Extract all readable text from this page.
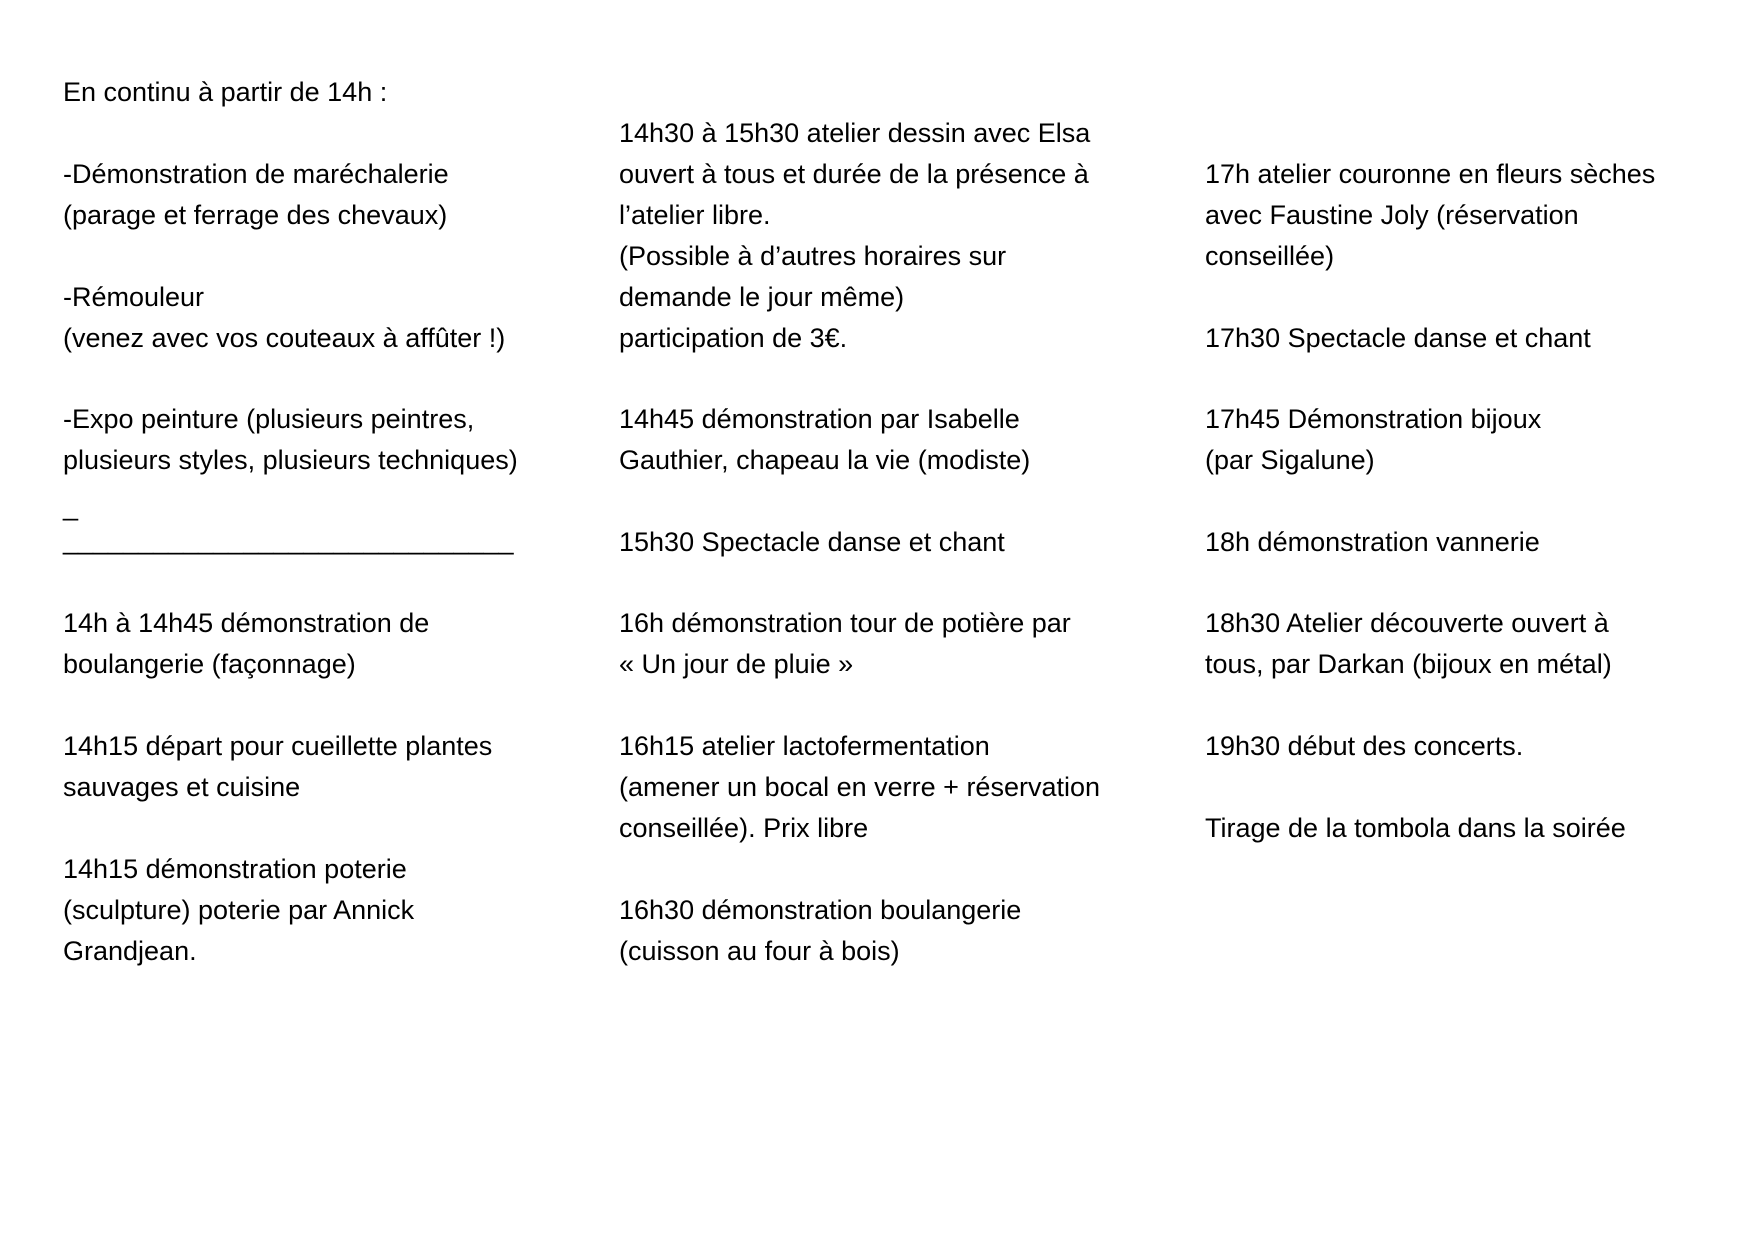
En continu à partir de 14h :
-Démonstration de maréchalerie
(parage et ferrage des chevaux)
-Rémouleur
(venez avec vos couteaux à affûter !)
-Expo peinture (plusieurs peintres,
plusieurs styles, plusieurs techniques)
_
______________________________
14h à 14h45 démonstration de
boulangerie (façonnage)
14h15 départ pour cueillette plantes
sauvages et cuisine
14h15 démonstration poterie
(sculpture) poterie par Annick
Grandjean.
14h30 à 15h30 atelier dessin avec Elsa
ouvert à tous et durée de la présence à
l’atelier libre.
(Possible à d’autres horaires sur
demande le jour même)
participation de 3€.
14h45 démonstration par Isabelle
Gauthier, chapeau la vie (modiste)
15h30 Spectacle danse et chant
16h démonstration tour de potière par
« Un jour de pluie »
16h15 atelier lactofermentation
(amener un bocal en verre + réservation
conseillée). Prix libre
16h30 démonstration boulangerie
(cuisson au four à bois)
17h atelier couronne en fleurs sèches
avec Faustine Joly (réservation
conseillée)
17h30 Spectacle danse et chant
17h45 Démonstration bijoux
(par Sigalune)
18h démonstration vannerie
18h30 Atelier découverte ouvert à
tous, par Darkan (bijoux en métal)
19h30 début des concerts.
Tirage de la tombola dans la soirée
